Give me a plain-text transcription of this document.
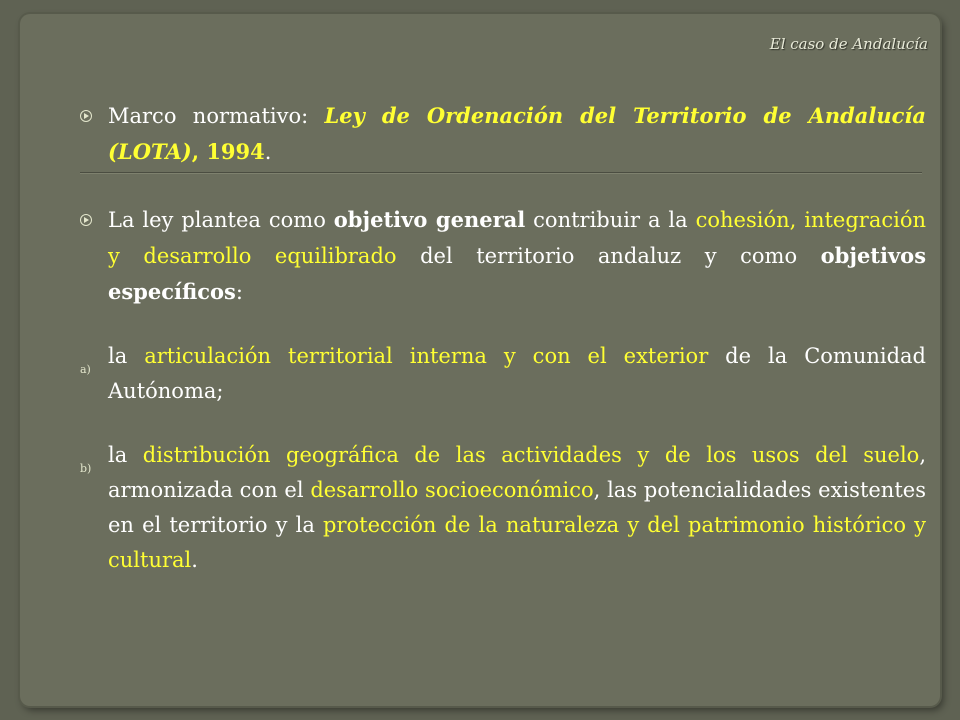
El caso de Andalucía
Marco normativo: Ley de Ordenación del Territorio de Andalucía (LOTA), 1994.
La ley plantea como objetivo general contribuir a la cohesión, integración y desarrollo equilibrado del territorio andaluz y como objetivos específicos:
a)
la articulación territorial interna y con el exterior de la Comunidad Autónoma;
b)
la distribución geográfica de las actividades y de los usos del suelo, armonizada con el desarrollo socioeconómico, las potencialidades existentes en el territorio y la protección de la naturaleza y del patrimonio histórico y cultural.
